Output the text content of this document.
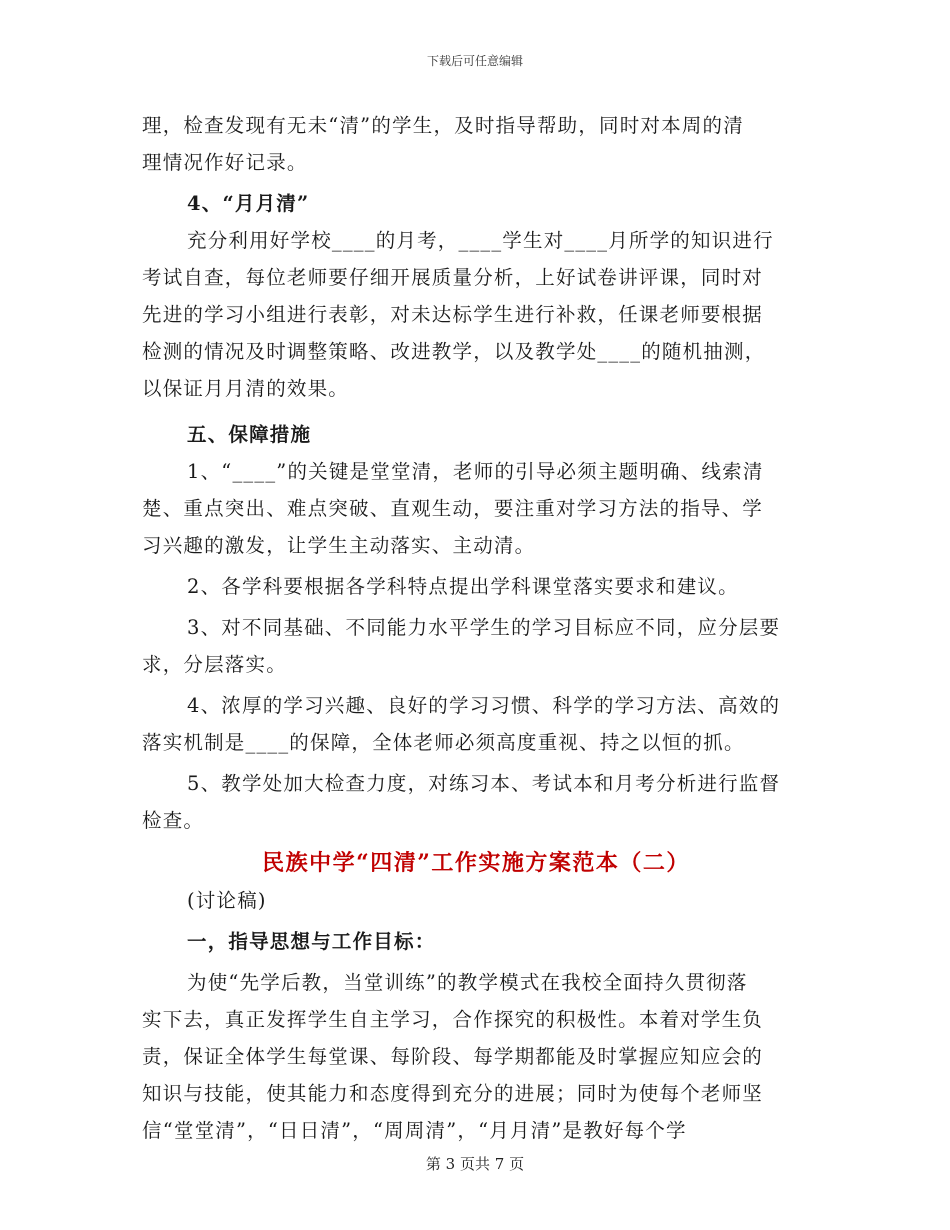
下载后可任意编辑
理，检查发现有无未“清”的学生，及时指导帮助，同时对本周的清
理情况作好记录。
4、“月月清”
充分利用好学校____的月考，____学生对____月所学的知识进行
考试自查，每位老师要仔细开展质量分析，上好试卷讲评课，同时对
先进的学习小组进行表彰，对未达标学生进行补救，任课老师要根据
检测的情况及时调整策略、改进教学，以及教学处____的随机抽测，
以保证月月清的效果。
五、保障措施
1、“____”的关键是堂堂清，老师的引导必须主题明确、线索清
楚、重点突出、难点突破、直观生动，要注重对学习方法的指导、学
习兴趣的激发，让学生主动落实、主动清。
2、各学科要根据各学科特点提出学科课堂落实要求和建议。
3、对不同基础、不同能力水平学生的学习目标应不同，应分层要
求，分层落实。
4、浓厚的学习兴趣、良好的学习习惯、科学的学习方法、高效的
落实机制是____的保障，全体老师必须高度重视、持之以恒的抓。
5、教学处加大检查力度，对练习本、考试本和月考分析进行监督
检查。
民族中学“四清”工作实施方案范本（二）
(讨论稿)
一，指导思想与工作目标：
为使“先学后教，当堂训练”的教学模式在我校全面持久贯彻落
实下去，真正发挥学生自主学习，合作探究的积极性。本着对学生负
责，保证全体学生每堂课、每阶段、每学期都能及时掌握应知应会的
知识与技能，使其能力和态度得到充分的进展；同时为使每个老师坚
信“堂堂清”，“日日清”，“周周清”，“月月清”是教好每个学
第 3 页共 7 页
